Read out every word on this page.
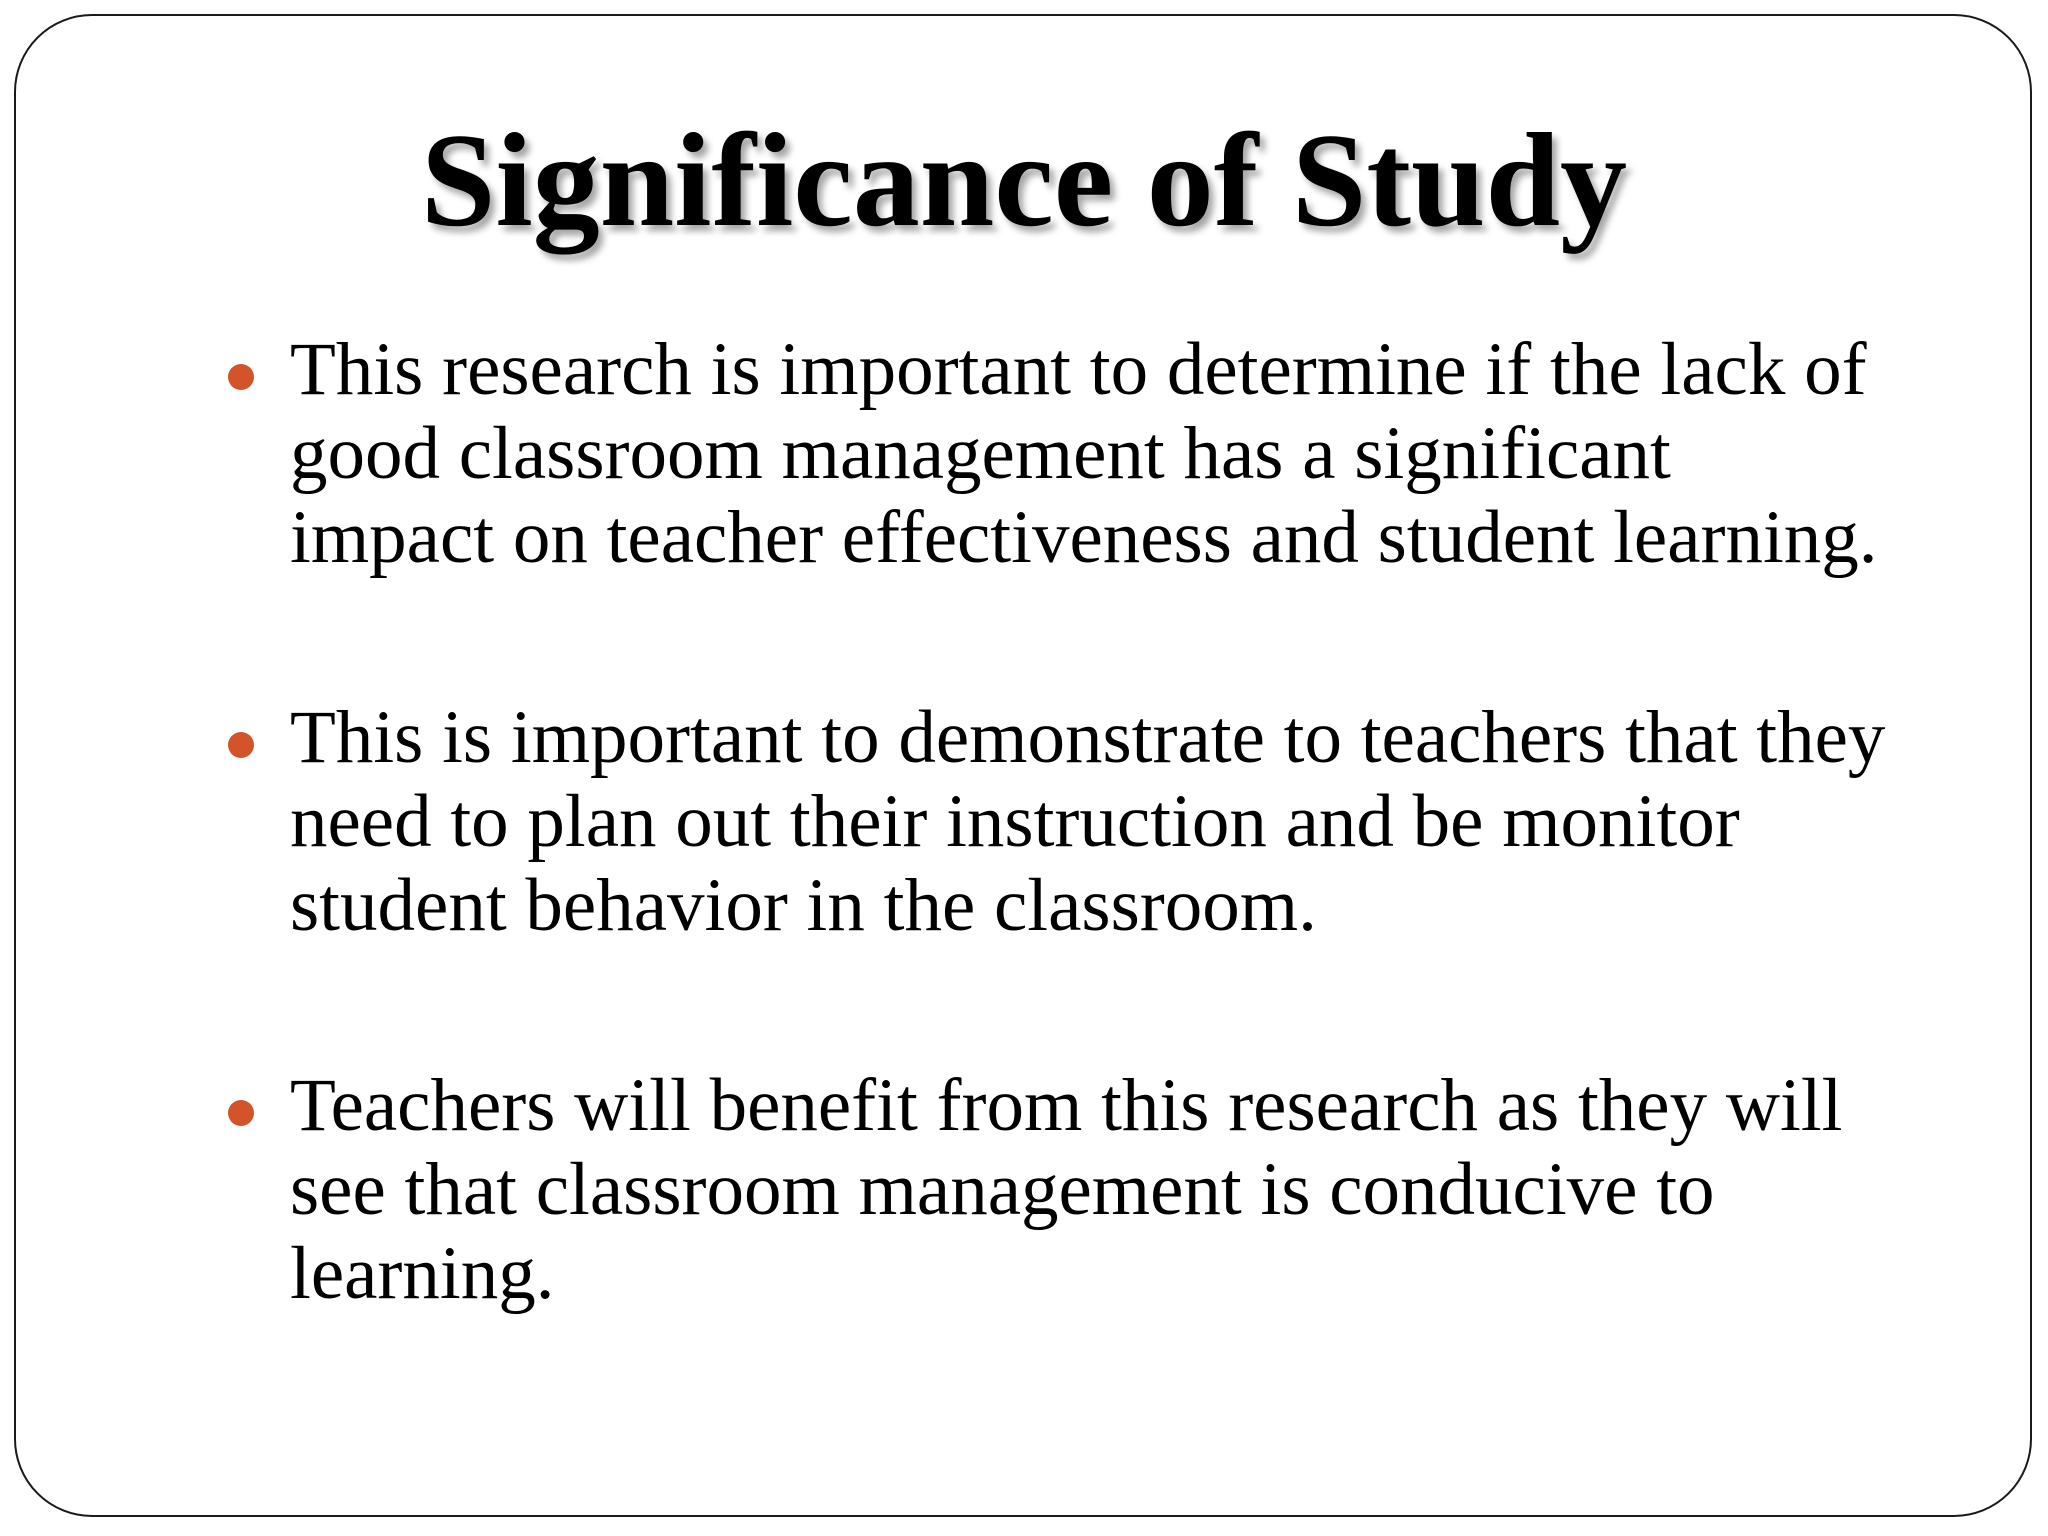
Significance of Study
This research is important to determine if the lack of
good classroom management has a significant
impact on teacher effectiveness and student learning.
This is important to demonstrate to teachers that they
need to plan out their instruction and be monitor
student behavior in the classroom.
Teachers will benefit from this research as they will
see that classroom management is conducive to
learning.
